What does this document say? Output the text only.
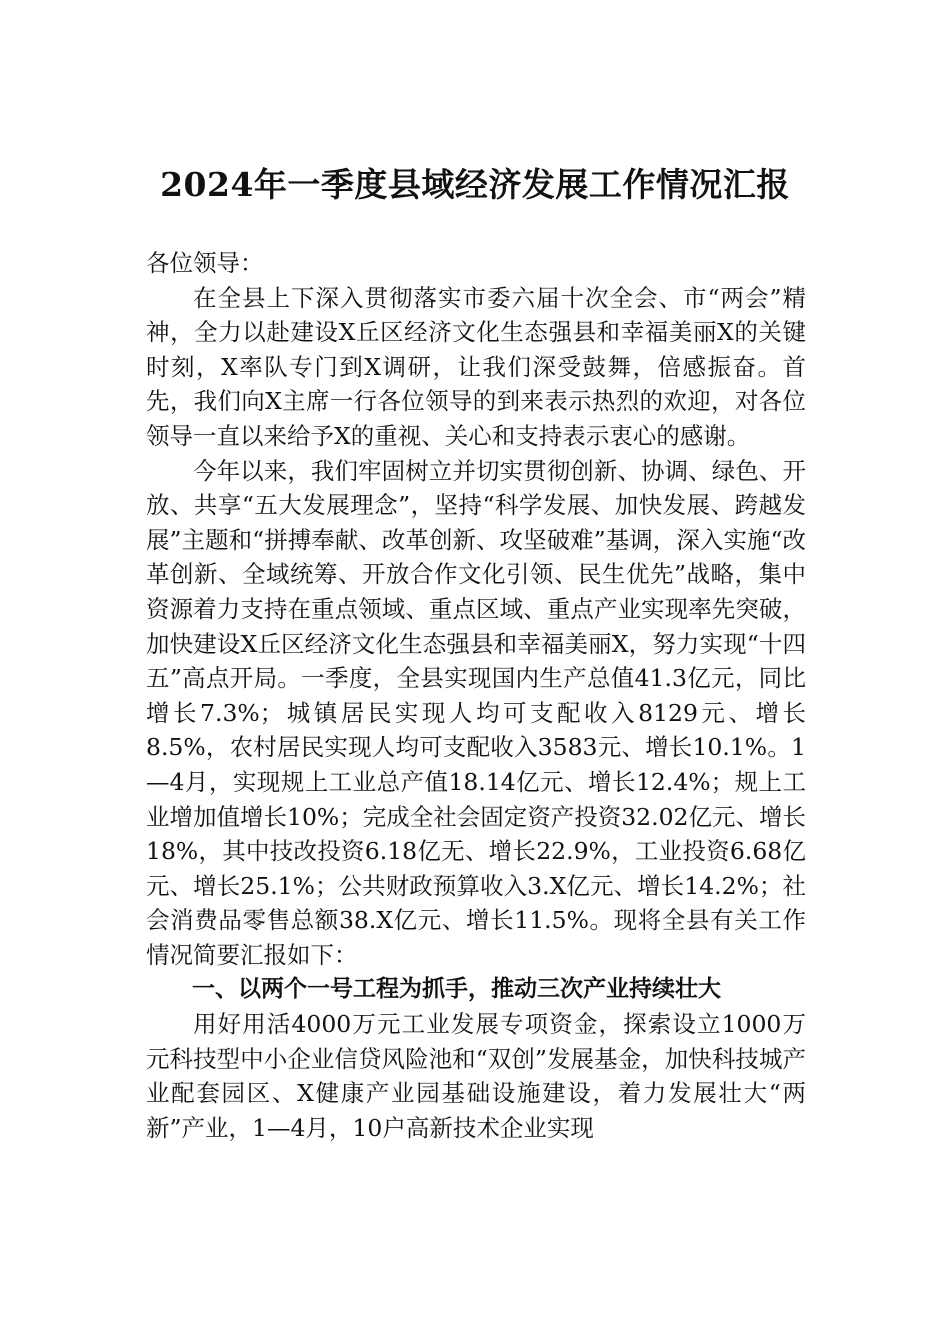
2024年一季度县域经济发展工作情况汇报

各位领导：

在全县上下深入贯彻落实市委六届十次全会、市“两会”精神，全力以赴建设X丘区经济文化生态强县和幸福美丽X的关键时刻，X率队专门到X调研，让我们深受鼓舞，倍感振奋。首先，我们向X主席一行各位领导的到来表示热烈的欢迎，对各位领导一直以来给予X的重视、关心和支持表示衷心的感谢。

今年以来，我们牢固树立并切实贯彻创新、协调、绿色、开放、共享“五大发展理念”，坚持“科学发展、加快发展、跨越发展”主题和“拼搏奉献、改革创新、攻坚破难”基调，深入实施“改革创新、全域统筹、开放合作文化引领、民生优先”战略，集中资源着力支持在重点领域、重点区域、重点产业实现率先突破，加快建设X丘区经济文化生态强县和幸福美丽X，努力实现“十四五”高点开局。一季度，全县实现国内生产总值41.3亿元，同比增长7.3%；城镇居民实现人均可支配收入8129元、增长8.5%，农村居民实现人均可支配收入3583元、增长10.1%。1—4月，实现规上工业总产值18.14亿元、增长12.4%；规上工业增加值增长10%；完成全社会固定资产投资32.02亿元、增长18%，其中技改投资6.18亿无、增长22.9%，工业投资6.68亿元、增长25.1%；公共财政预算收入3.X亿元、增长14.2%；社会消费品零售总额38.X亿元、增长11.5%。现将全县有关工作情况简要汇报如下：

一、以两个一号工程为抓手，推动三次产业持续壮大

用好用活4000万元工业发展专项资金，探索设立1000万元科技型中小企业信贷风险池和“双创”发展基金，加快科技城产业配套园区、X健康产业园基础设施建设，着力发展壮大“两新”产业，1—4月，10户高新技术企业实现
